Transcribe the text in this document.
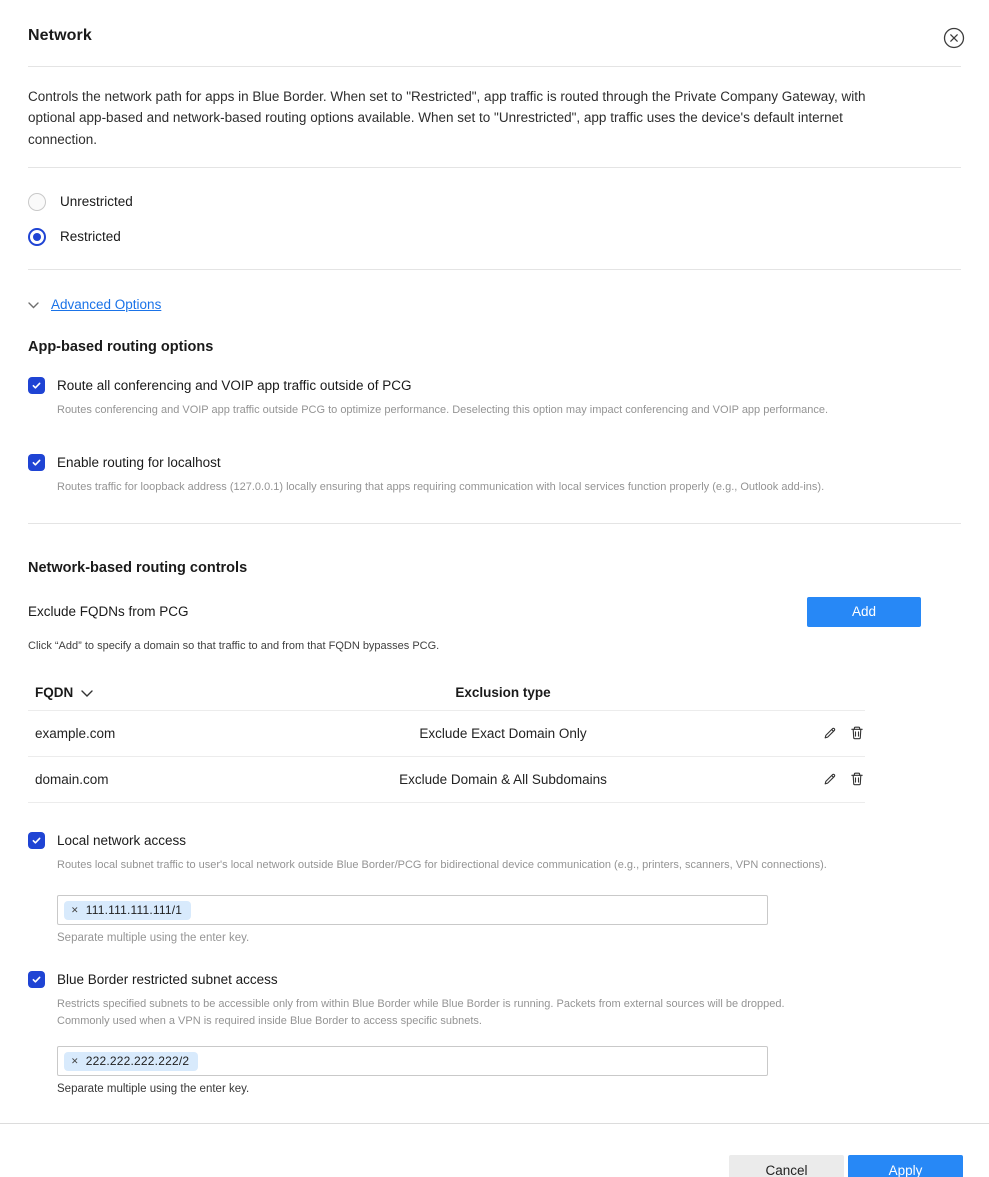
Network
Controls the network path for apps in Blue Border. When set to "Restricted", app traffic is routed through the Private Company Gateway, with optional app-based and network-based routing options available. When set to "Unrestricted", app traffic uses the device's default internet connection.
Unrestricted
Restricted
Advanced Options
App-based routing options
Route all conferencing and VOIP app traffic outside of PCG
Routes conferencing and VOIP app traffic outside PCG to optimize performance. Deselecting this option may impact conferencing and VOIP app performance.
Enable routing for localhost
Routes traffic for loopback address (127.0.0.1) locally ensuring that apps requiring communication with local services function properly (e.g., Outlook add-ins).
Network-based routing controls
Exclude FQDNs from PCG	Add
Click “Add” to specify a domain so that traffic to and from that FQDN bypasses PCG.
FQDN	Exclusion type
example.com	Exclude Exact Domain Only
domain.com	Exclude Domain & All Subdomains
Local network access
Routes local subnet traffic to user's local network outside Blue Border/PCG for bidirectional device communication (e.g., printers, scanners, VPN connections).
✕ 111.111.111.111/1
Separate multiple using the enter key.
Blue Border restricted subnet access
Restricts specified subnets to be accessible only from within Blue Border while Blue Border is running. Packets from external sources will be dropped. Commonly used when a VPN is required inside Blue Border to access specific subnets.
✕ 222.222.222.222/2
Separate multiple using the enter key.
Cancel	Apply
